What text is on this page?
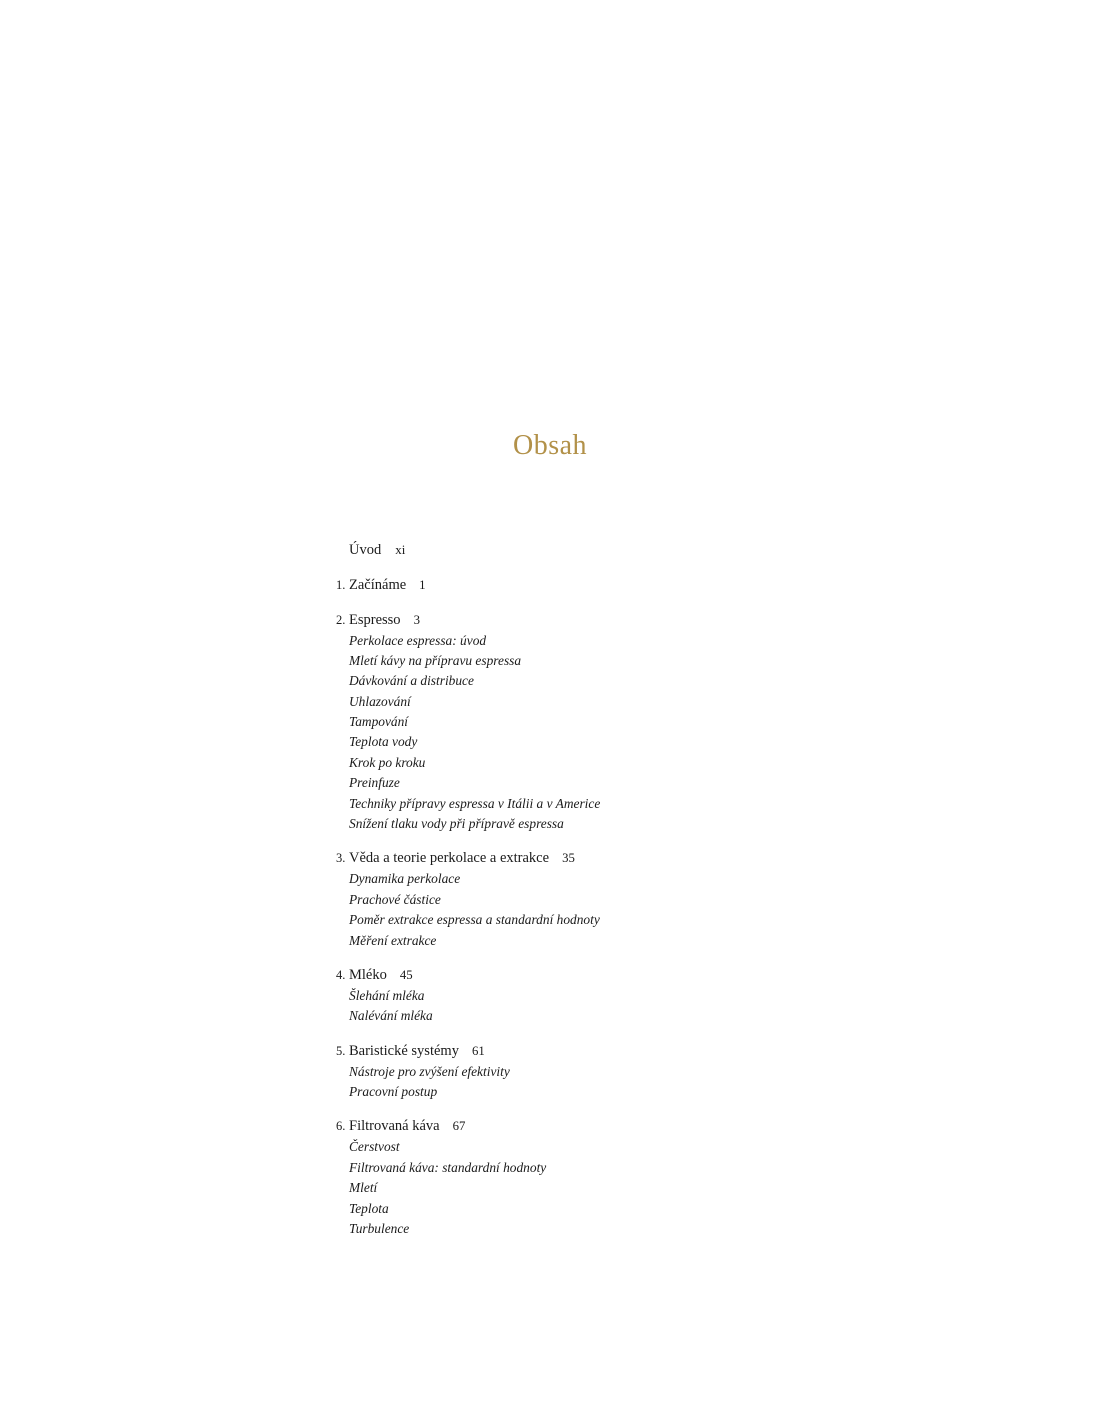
Obsah
Úvod xi
1. Začínáme 1
2. Espresso 3
Perkolace espressa: úvod
Mletí kávy na přípravu espressa
Dávkování a distribuce
Uhlazování
Tampování
Teplota vody
Krok po kroku
Preinfuze
Techniky přípravy espressa v Itálii a v Americe
Snížení tlaku vody při přípravě espressa
3. Věda a teorie perkolace a extrakce 35
Dynamika perkolace
Prachové částice
Poměr extrakce espressa a standardní hodnoty
Měření extrakce
4. Mléko 45
Šlehání mléka
Nalévání mléka
5. Baristické systémy 61
Nástroje pro zvýšení efektivity
Pracovní postup
6. Filtrovaná káva 67
Čerstvost
Filtrovaná káva: standardní hodnoty
Mletí
Teplota
Turbulence
